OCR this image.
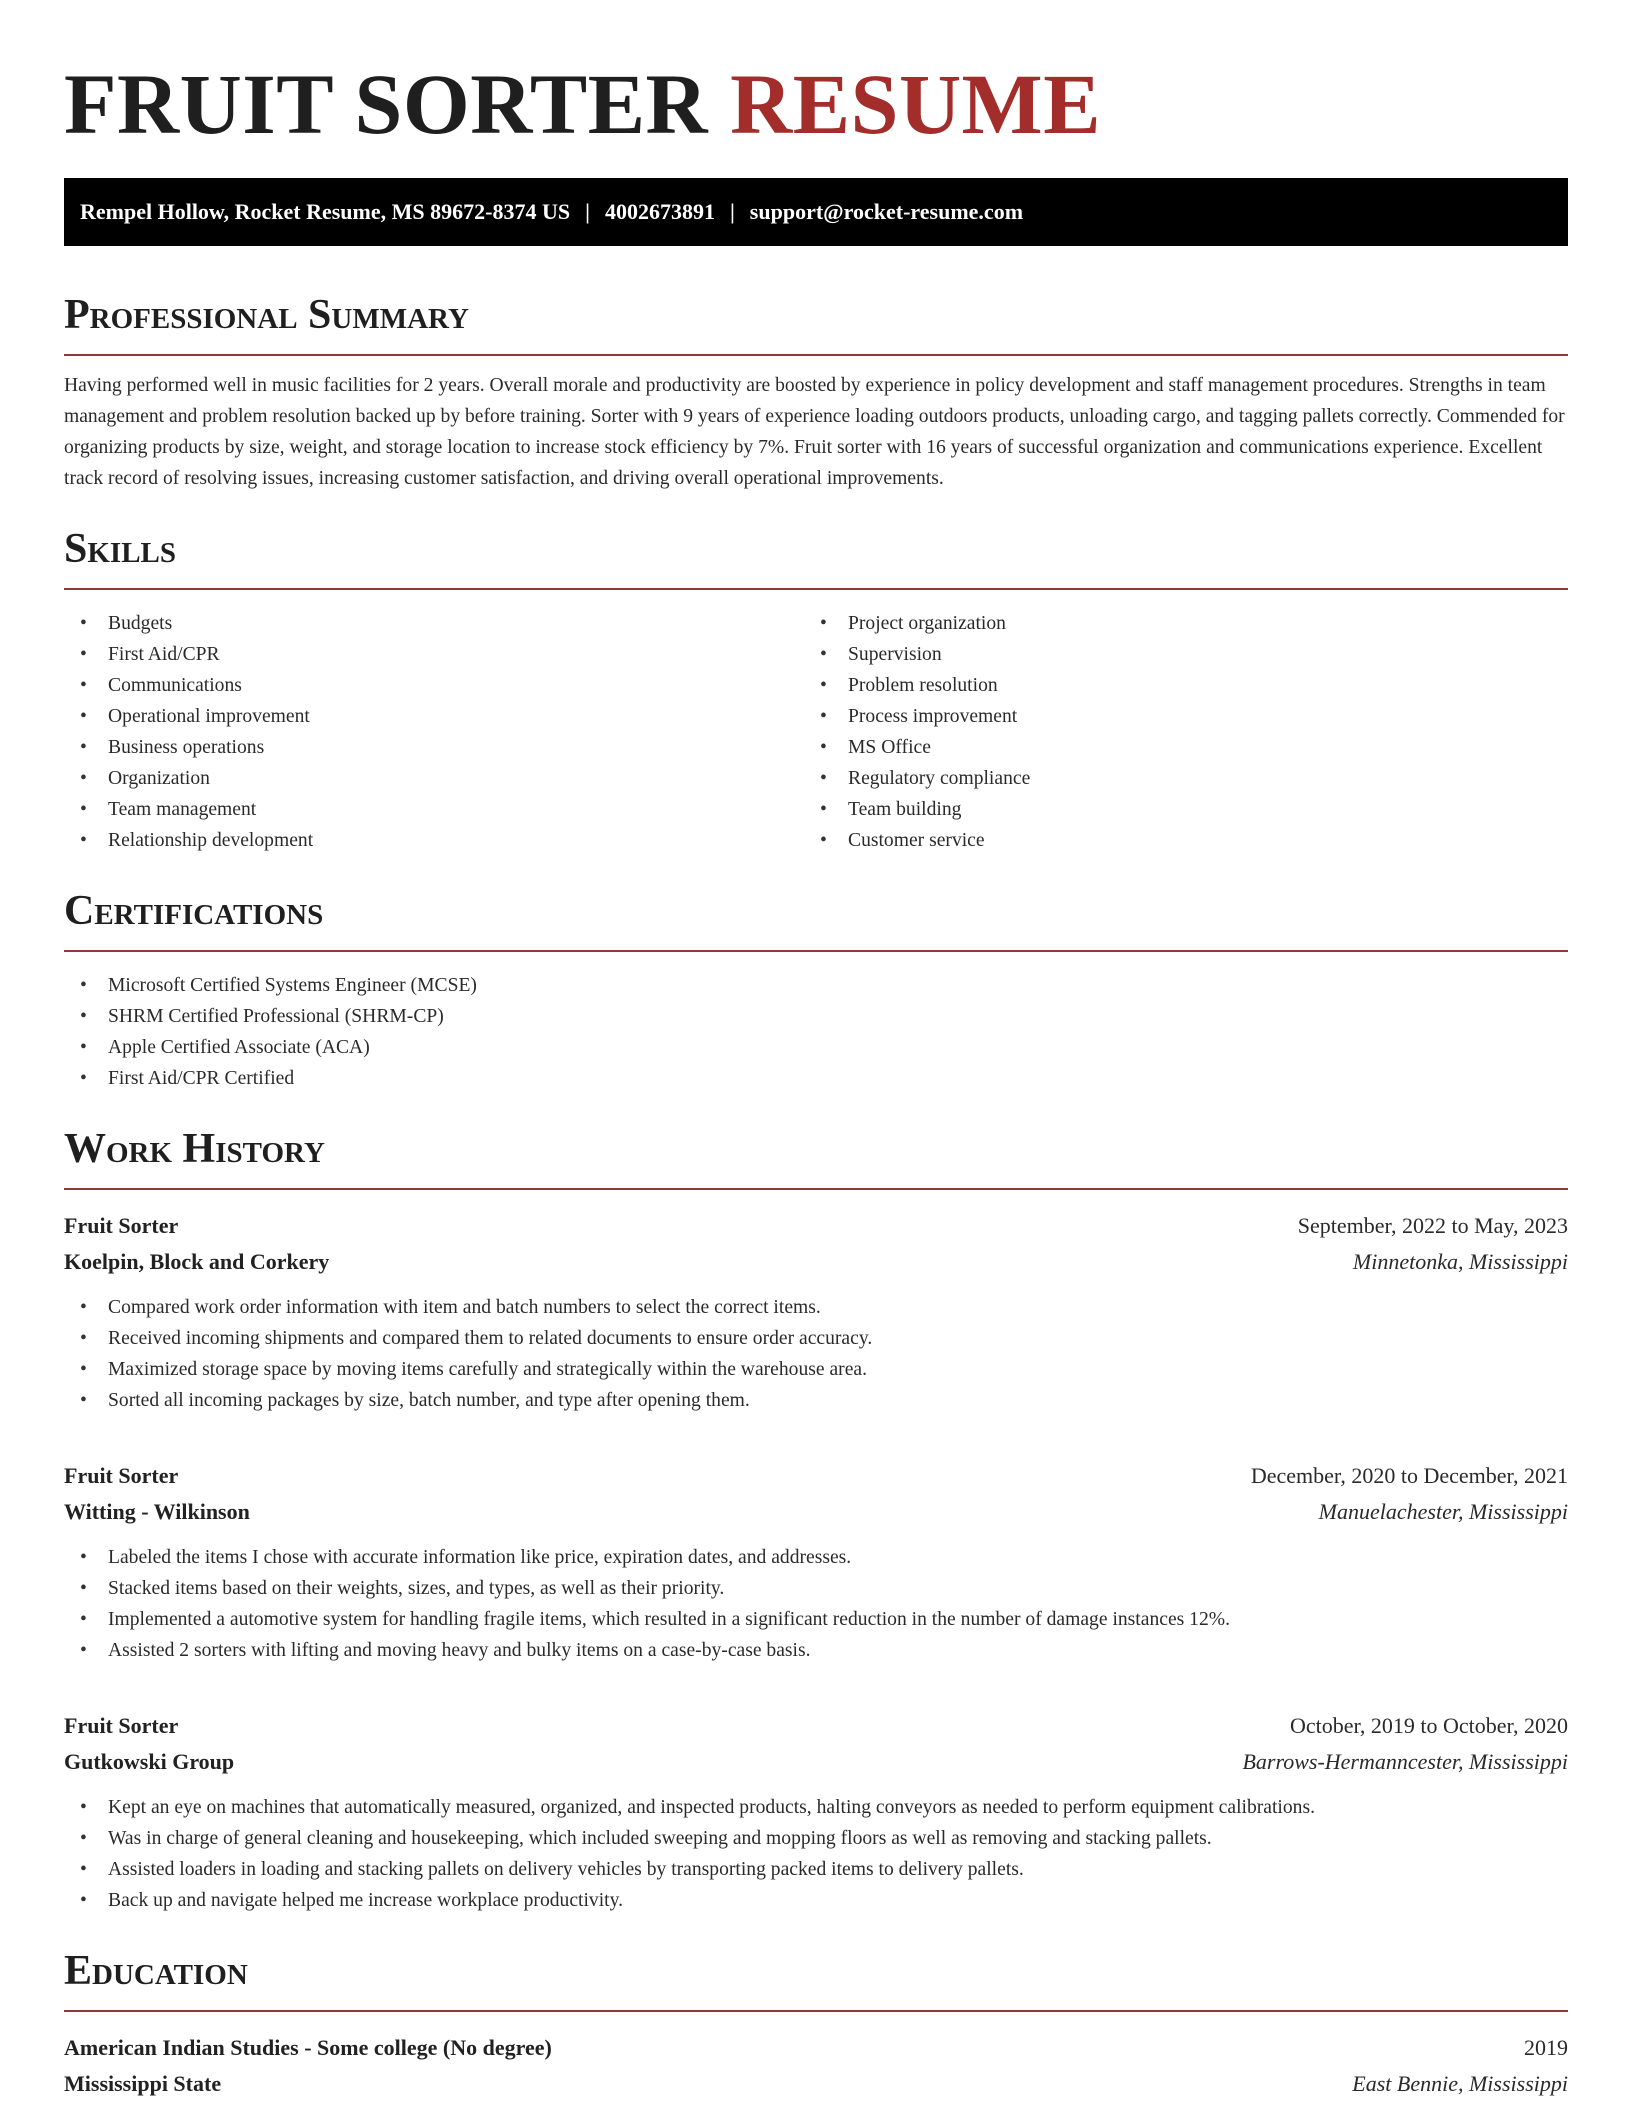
FRUIT SORTER RESUME
Rempel Hollow, Rocket Resume, MS 89672-8374 US | 4002673891 | support@rocket-resume.com
Professional Summary

Having performed well in music facilities for 2 years. Overall morale and productivity are boosted by experience in policy development and staff management procedures. Strengths in team management and problem resolution backed up by before training. Sorter with 9 years of experience loading outdoors products, unloading cargo, and tagging pallets correctly. Commended for organizing products by size, weight, and storage location to increase stock efficiency by 7%. Fruit sorter with 16 years of successful organization and communications experience. Excellent track record of resolving issues, increasing customer satisfaction, and driving overall operational improvements.

Skills
• Budgets
• First Aid/CPR
• Communications
• Operational improvement
• Business operations
• Organization
• Team management
• Relationship development
• Project organization
• Supervision
• Problem resolution
• Process improvement
• MS Office
• Regulatory compliance
• Team building
• Customer service
Certifications
• Microsoft Certified Systems Engineer (MCSE)
• SHRM Certified Professional (SHRM-CP)
• Apple Certified Associate (ACA)
• First Aid/CPR Certified
Work History
Fruit Sorter	September, 2022 to May, 2023
Koelpin, Block and Corkery	Minnetonka, Mississippi
• Compared work order information with item and batch numbers to select the correct items.
• Received incoming shipments and compared them to related documents to ensure order accuracy.
• Maximized storage space by moving items carefully and strategically within the warehouse area.
• Sorted all incoming packages by size, batch number, and type after opening them.
Fruit Sorter	December, 2020 to December, 2021
Witting - Wilkinson	Manuelachester, Mississippi
• Labeled the items I chose with accurate information like price, expiration dates, and addresses.
• Stacked items based on their weights, sizes, and types, as well as their priority.
• Implemented a automotive system for handling fragile items, which resulted in a significant reduction in the number of damage instances 12%.
• Assisted 2 sorters with lifting and moving heavy and bulky items on a case-by-case basis.
Fruit Sorter	October, 2019 to October, 2020
Gutkowski Group	Barrows-Hermanncester, Mississippi
• Kept an eye on machines that automatically measured, organized, and inspected products, halting conveyors as needed to perform equipment calibrations.
• Was in charge of general cleaning and housekeeping, which included sweeping and mopping floors as well as removing and stacking pallets.
• Assisted loaders in loading and stacking pallets on delivery vehicles by transporting packed items to delivery pallets.
• Back up and navigate helped me increase workplace productivity.
Education
American Indian Studies - Some college (No degree)	2019
Mississippi State	East Bennie, Mississippi
